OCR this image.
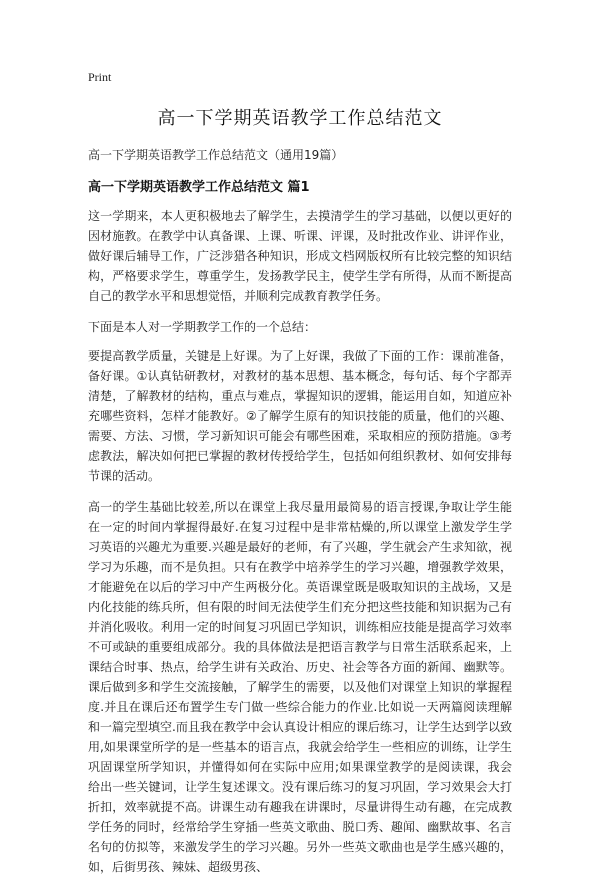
Print
高一下学期英语教学工作总结范文

高一下学期英语教学工作总结范文（通用19篇）

高一下学期英语教学工作总结范文 篇1

这一学期来，本人更积极地去了解学生，去摸清学生的学习基础，以便以更好的因材施教。在教学中认真备课、上课、听课、评课，及时批改作业、讲评作业，做好课后辅导工作，广泛涉猎各种知识，形成文档网版权所有比较完整的知识结构，严格要求学生，尊重学生，发扬教学民主，使学生学有所得，从而不断提高自己的教学水平和思想觉悟，并顺利完成教育教学任务。

下面是本人对一学期教学工作的一个总结：

要提高教学质量，关键是上好课。为了上好课，我做了下面的工作：课前准备，备好课。①认真钻研教材，对教材的基本思想、基本概念，每句话、每个字都弄清楚，了解教材的结构，重点与难点，掌握知识的逻辑，能运用自如，知道应补充哪些资料，怎样才能教好。②了解学生原有的知识技能的质量，他们的兴趣、需要、方法、习惯，学习新知识可能会有哪些困难，采取相应的预防措施。③考虑教法，解决如何把已掌握的教材传授给学生，包括如何组织教材、如何安排每节课的活动。

高一的学生基础比较差,所以在课堂上我尽量用最简易的语言授课,争取让学生能在一定的时间内掌握得最好.在复习过程中是非常枯燥的,所以课堂上激发学生学习英语的兴趣尤为重要.兴趣是最好的老师，有了兴趣，学生就会产生求知欲，视学习为乐趣，而不是负担。只有在教学中培养学生的学习兴趣，增强教学效果，才能避免在以后的学习中产生两极分化。英语课堂既是吸取知识的主战场，又是内化技能的练兵所，但有限的时间无法使学生们充分把这些技能和知识据为己有并消化吸收。利用一定的时间复习巩固已学知识，训练相应技能是提高学习效率不可或缺的重要组成部分。我的具体做法是把语言教学与日常生活联系起来，上课结合时事、热点，给学生讲有关政治、历史、社会等各方面的新闻、幽默等。课后做到多和学生交流接触，了解学生的需要，以及他们对课堂上知识的掌握程度.并且在课后还布置学生专门做一些综合能力的作业.比如说一天两篇阅读理解和一篇完型填空.而且我在教学中会认真设计相应的课后练习，让学生达到学以致用,如果课堂所学的是一些基本的语言点，我就会给学生一些相应的训练，让学生巩固课堂所学知识，并懂得如何在实际中应用;如果课堂教学的是阅读课，我会给出一些关键词，让学生复述课文。没有课后练习的复习巩固，学习效果会大打折扣，效率就提不高。讲课生动有趣我在讲课时，尽量讲得生动有趣，在完成教学任务的同时，经常给学生穿插一些英文歌曲、脱口秀、趣闻、幽默故事、名言名句的仿拟等，来激发学生的学习兴趣。另外一些英文歌曲也是学生感兴趣的，如，后街男孩、辣妹、超级男孩、
